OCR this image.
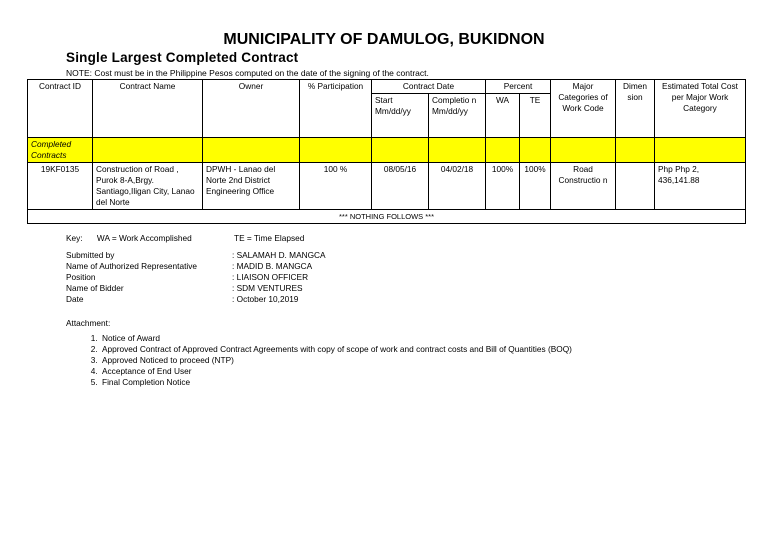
MUNICIPALITY OF DAMULOG, BUKIDNON
Single Largest Completed Contract
NOTE: Cost must be in the Philippine Pesos computed on the date of the signing of the contract.
Contract ID	Contract Name	Owner	% Participation	Contract Date		Percent		Major Categories of Work Code	Dimen sion	Estimated Total Cost per Major Work Category
				Start Mm/dd/yy	Completio n Mm/dd/yy	WA	TE			
Completed Contracts										
19KF0135	Construction of Road , Purok 8-A,Brgy. Santiago,Iligan City, Lanao del Norte	DPWH - Lanao del Norte 2nd District Engineering Office	100 %	08/05/16	04/02/18	100%	100%	Road Constructio n		Php Php 2, 436,141.88
*** NOTHING FOLLOWS ***										
Key: WA = Work Accomplished	TE = Time Elapsed
Submitted by	: SALAMAH D. MANGCA
Name of Authorized Representative	: MADID B. MANGCA
Position	: LIAISON OFFICER
Name of Bidder	: SDM VENTURES
Date	: October 10,2019
Attachment:
1. Notice of Award
2. Approved Contract of Approved Contract Agreements with copy of scope of work and contract costs and Bill of Quantities (BOQ)
3. Approved Noticed to proceed (NTP)
4. Acceptance of End User
5. Final Completion Notice
